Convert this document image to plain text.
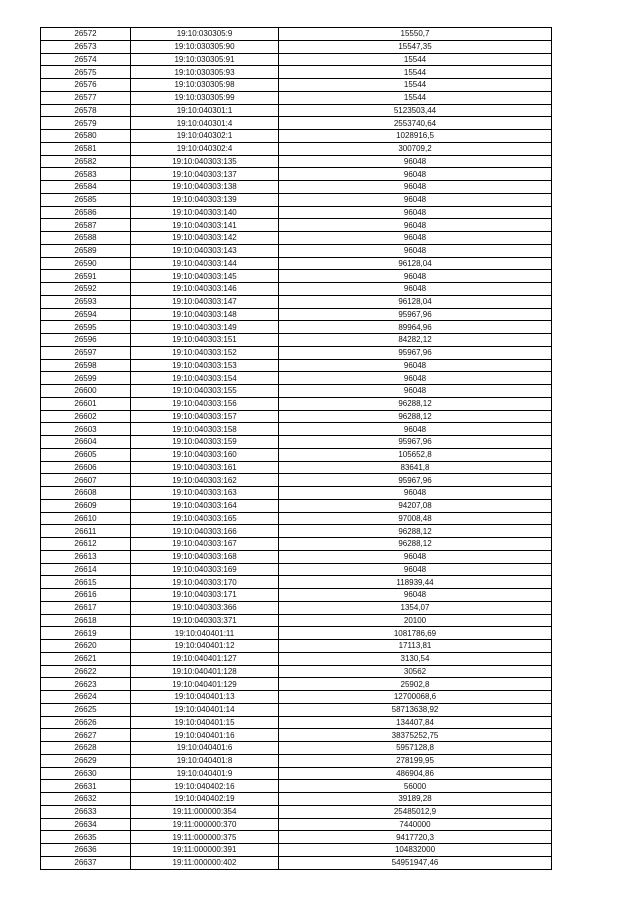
26572	19:10:030305:9	15550,7
26573	19:10:030305:90	15547,35
26574	19:10:030305:91	15544
26575	19:10:030305:93	15544
26576	19:10:030305:98	15544
26577	19:10:030305:99	15544
26578	19:10:040301:1	5123503,44
26579	19:10:040301:4	2553740,64
26580	19:10:040302:1	1028916,5
26581	19:10:040302:4	300709,2
26582	19:10:040303:135	96048
26583	19:10:040303:137	96048
26584	19:10:040303:138	96048
26585	19:10:040303:139	96048
26586	19:10:040303:140	96048
26587	19:10:040303:141	96048
26588	19:10:040303:142	96048
26589	19:10:040303:143	96048
26590	19:10:040303:144	96128,04
26591	19:10:040303:145	96048
26592	19:10:040303:146	96048
26593	19:10:040303:147	96128,04
26594	19:10:040303:148	95967,96
26595	19:10:040303:149	89964,96
26596	19:10:040303:151	84282,12
26597	19:10:040303:152	95967,96
26598	19:10:040303:153	96048
26599	19:10:040303:154	96048
26600	19:10:040303:155	96048
26601	19:10:040303:156	96288,12
26602	19:10:040303:157	96288,12
26603	19:10:040303:158	96048
26604	19:10:040303:159	95967,96
26605	19:10:040303:160	105652,8
26606	19:10:040303:161	83641,8
26607	19:10:040303:162	95967,96
26608	19:10:040303:163	96048
26609	19:10:040303:164	94207,08
26610	19:10:040303:165	97008,48
26611	19:10:040303:166	96288,12
26612	19:10:040303:167	96288,12
26613	19:10:040303:168	96048
26614	19:10:040303:169	96048
26615	19:10:040303:170	118939,44
26616	19:10:040303:171	96048
26617	19:10:040303:366	1354,07
26618	19:10:040303:371	20100
26619	19:10:040401:11	1081786,69
26620	19:10:040401:12	17113,81
26621	19:10:040401:127	3130,54
26622	19:10:040401:128	30562
26623	19:10:040401:129	25902,8
26624	19:10:040401:13	12700068,6
26625	19:10:040401:14	58713638,92
26626	19:10:040401:15	134407,84
26627	19:10:040401:16	38375252,75
26628	19:10:040401:6	5957128,8
26629	19:10:040401:8	278199,95
26630	19:10:040401:9	486904,86
26631	19:10:040402:16	56000
26632	19:10:040402:19	39189,28
26633	19:11:000000:354	25485012,9
26634	19:11:000000:370	7440000
26635	19:11:000000:375	9417720,3
26636	19:11:000000:391	104832000
26637	19:11:000000:402	54951947,46
